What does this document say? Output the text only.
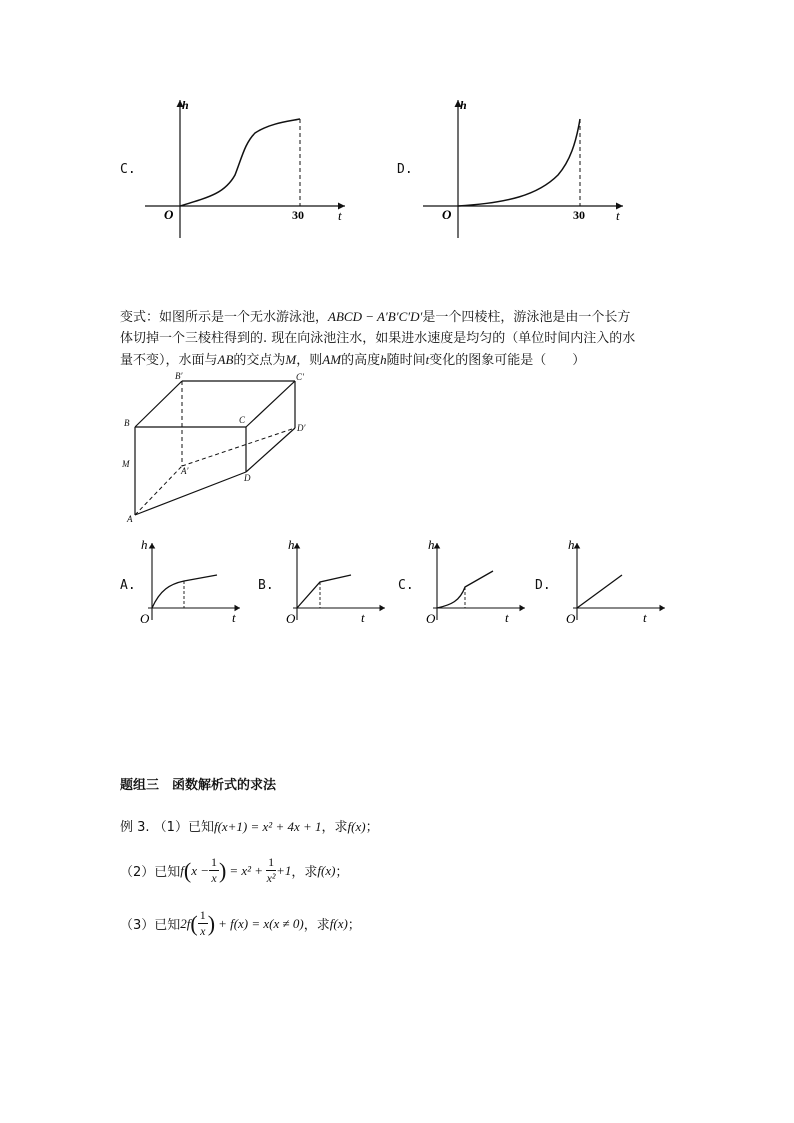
C.
h
t
O	30
D.
h
t
O	30
变式：如图所示是一个无水游泳池，ABCD − A′B′C′D′是一个四棱柱，游泳池是由一个长方
体切掉一个三棱柱得到的. 现在向泳池注水，如果进水速度是均匀的（单位时间内注入的水
量不变），水面与AB的交点为M，则AM的高度h随时间t变化的图象可能是（　　）
B′	C′
D′
A′
B	C
D
A
M
A.
h
t
O
B.
h
t
O
C.
h
t
O
D.
h
t
O
题组三　函数解析式的求法
例 3. （1）已知f(x+1) = x² + 4x + 1，求f(x)；
（2）已知 f ( $x - \frac{1}{x}$ ) = $x^2 + \frac{1}{\text{x²}} +1$ ，求 f(x) ；
（3）已知 2f ( $\frac{1}{x}$ ) + f(x) = x(x ≠ 0) ，求 f(x) ；
